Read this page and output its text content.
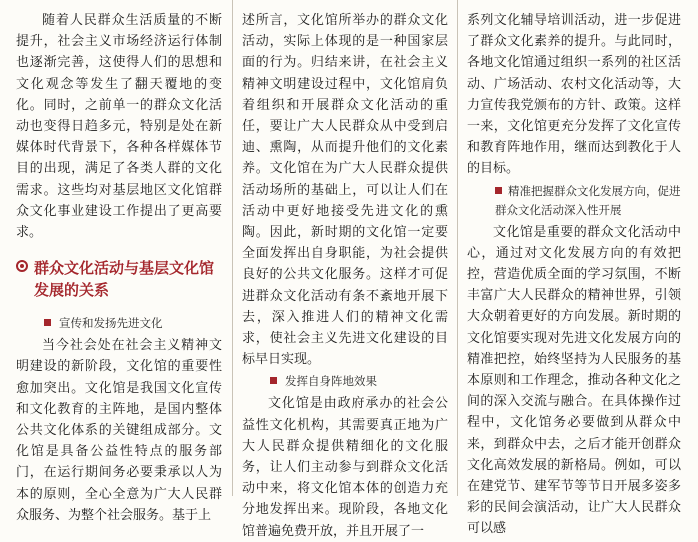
随着人民群众生活质量的不断提升，社会主义市场经济运行体制也逐渐完善，这使得人们的思想和文化观念等发生了翻天覆地的变化。同时，之前单一的群众文化活动也变得日趋多元，特别是处在新媒体时代背景下，各种各样媒体节目的出现，满足了各类人群的文化需求。这些均对基层地区文化馆群众文化事业建设工作提出了更高要求。

群众文化活动与基层文化馆发展的关系
宣传和发扬先进文化

当今社会处在社会主义精神文明建设的新阶段，文化馆的重要性愈加突出。文化馆是我国文化宣传和文化教育的主阵地，是国内整体公共文化体系的关键组成部分。文化馆是具备公益性特点的服务部门，在运行期间务必要秉承以人为本的原则，全心全意为广大人民群众服务、为整个社会服务。基于上

述所言，文化馆所举办的群众文化活动，实际上体现的是一种国家层面的行为。归结来讲，在社会主义精神文明建设过程中，文化馆肩负着组织和开展群众文化活动的重任，要让广大人民群众从中受到启迪、熏陶，从而提升他们的文化素养。文化馆在为广大人民群众提供活动场所的基础上，可以让人们在活动中更好地接受先进文化的熏陶。因此，新时期的文化馆一定要全面发挥出自身职能，为社会提供良好的公共文化服务。这样才可促进群众文化活动有条不紊地开展下去，深入推进人们的精神文化需求，使社会主义先进文化建设的目标早日实现。

发挥自身阵地效果

文化馆是由政府承办的社会公益性文化机构，其需要真正地为广大人民群众提供精细化的文化服务，让人们主动参与到群众文化活动中来，将文化馆本体的创造力充分地发挥出来。现阶段，各地文化馆普遍免费开放，并且开展了一

系列文化辅导培训活动，进一步促进了群众文化素养的提升。与此同时，各地文化馆通过组织一系列的社区活动、广场活动、农村文化活动等，大力宣传我党颁布的方针、政策。这样一来，文化馆更充分发挥了文化宣传和教育阵地作用，继而达到教化于人的目标。

精准把握群众文化发展方向，促进群众文化活动深入性开展

文化馆是重要的群众文化活动中心，通过对文化发展方向的有效把控，营造优质全面的学习氛围，不断丰富广大人民群众的精神世界，引领大众朝着更好的方向发展。新时期的文化馆要实现对先进文化发展方向的精准把控，始终坚持为人民服务的基本原则和工作理念，推动各种文化之间的深入交流与融合。在具体操作过程中，文化馆务必要做到从群众中来，到群众中去，之后才能开创群众文化高效发展的新格局。例如，可以在建党节、建军节等节日开展多姿多彩的民间会演活动，让广大人民群众可以感
